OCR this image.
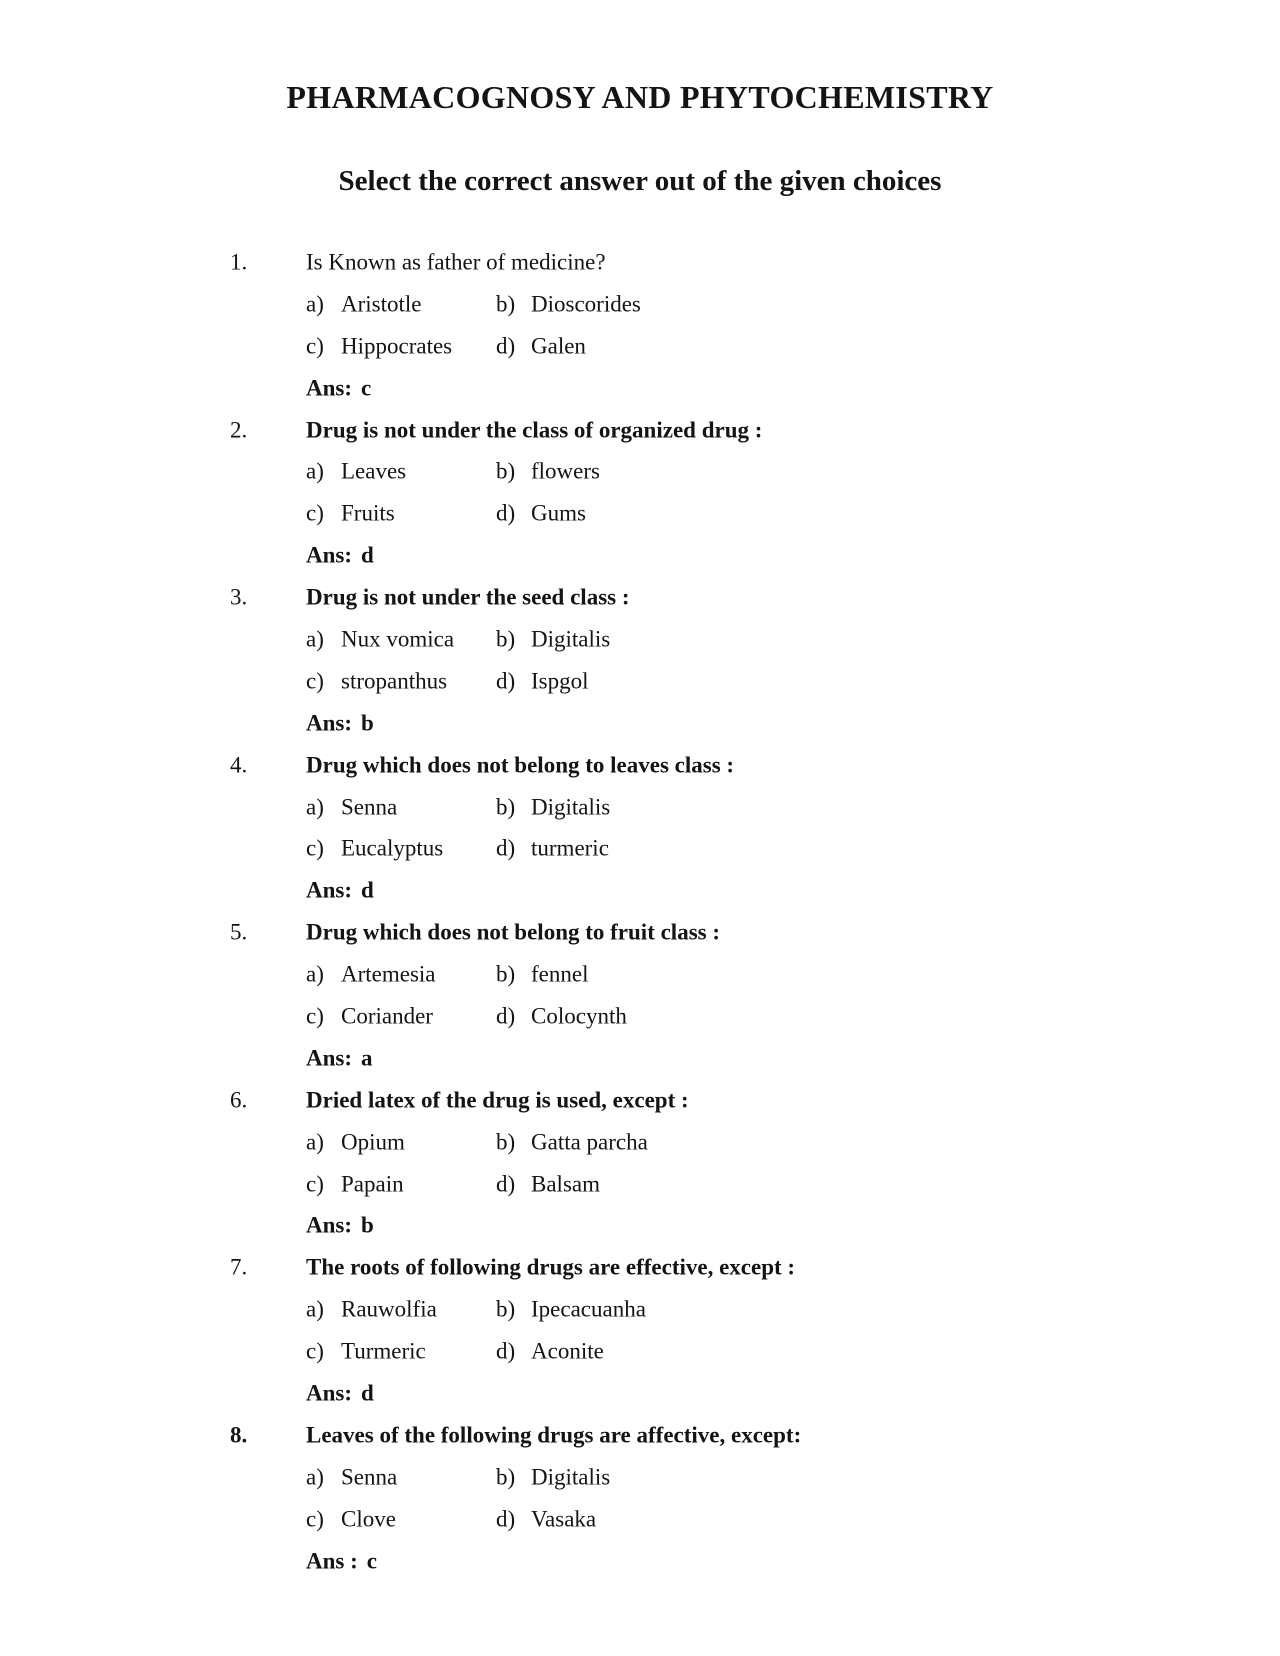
PHARMACOGNOSY AND PHYTOCHEMISTRY
Select the correct answer out of the given choices
1.	Is Known as father of medicine?
a) Aristotle	b) Dioscorides
c) Hippocrates d) Galen
Ans: c
2.	Drug is not under the class of organized drug :
a) Leaves	b) flowers
c) Fruits	d) Gums
Ans: d
3.	Drug is not under the seed class :
a) Nux vomica b) Digitalis
c) stropanthus d) Ispgol
Ans: b
4.	Drug which does not belong to leaves class :
a) Senna	b) Digitalis
c) Eucalyptus d) turmeric
Ans: d
5.	Drug which does not belong to fruit class :
a) Artemesia	b) fennel
c) Coriander	d) Colocynth
Ans: a
6.	Dried latex of the drug is used, except :
a) Opium	b) Gatta parcha
c) Papain	d) Balsam
Ans: b
7.	The roots of following drugs are effective, except :
a) Rauwolfia	b) Ipecacuanha
c) Turmeric	d) Aconite
Ans: d
8.	Leaves of the following drugs are affective, except:
a) Senna	b) Digitalis
c) Clove	d) Vasaka
Ans : c
